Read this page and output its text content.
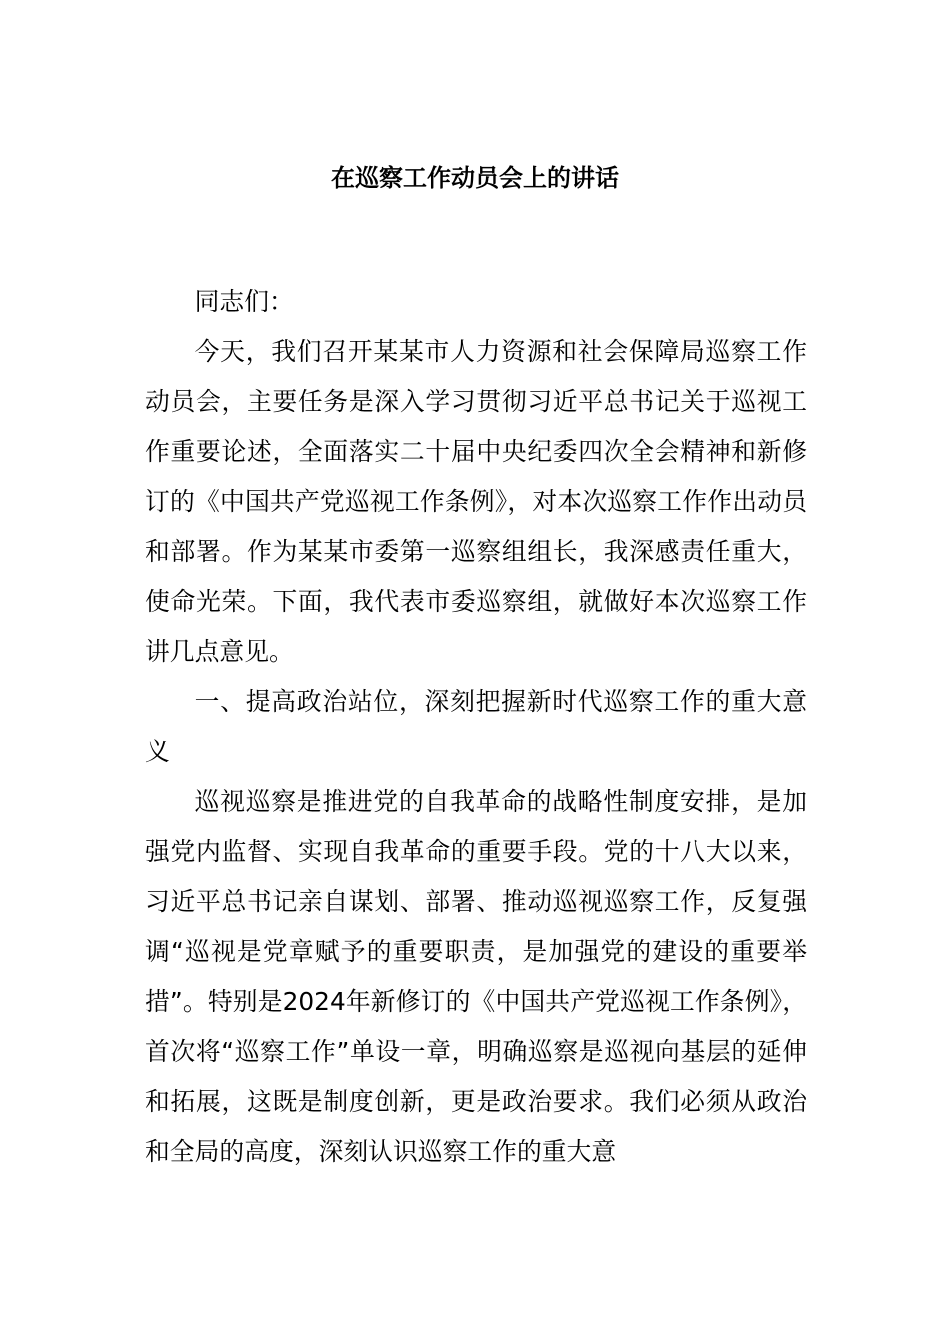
在巡察工作动员会上的讲话

同志们：

今天，我们召开某某市人力资源和社会保障局巡察工作动员会，主要任务是深入学习贯彻习近平总书记关于巡视工作重要论述，全面落实二十届中央纪委四次全会精神和新修订的《中国共产党巡视工作条例》，对本次巡察工作作出动员和部署。作为某某市委第一巡察组组长，我深感责任重大，使命光荣。下面，我代表市委巡察组，就做好本次巡察工作讲几点意见。

一、提高政治站位，深刻把握新时代巡察工作的重大意义

巡视巡察是推进党的自我革命的战略性制度安排，是加强党内监督、实现自我革命的重要手段。党的十八大以来，习近平总书记亲自谋划、部署、推动巡视巡察工作，反复强调“巡视是党章赋予的重要职责，是加强党的建设的重要举措”。特别是2024年新修订的《中国共产党巡视工作条例》，首次将“巡察工作”单设一章，明确巡察是巡视向基层的延伸和拓展，这既是制度创新，更是政治要求。我们必须从政治和全局的高度，深刻认识巡察工作的重大意
